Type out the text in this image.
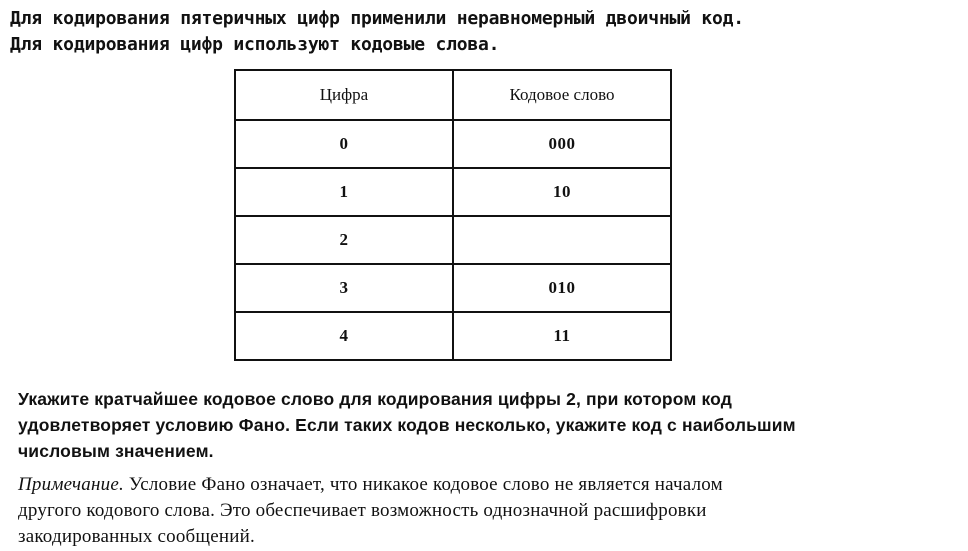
Для кодирования пятеричных цифр применили неравномерный двоичный код.
Для кодирования цифр используют кодовые слова.
Цифра	Кодовое слово
0	000
1	10
2	
3	010
4	11
Укажите кратчайшее кодовое слово для кодирования цифры 2, при котором код
удовлетворяет условию Фано. Если таких кодов несколько, укажите код с наибольшим
числовым значением.
Примечание. Условие Фано означает, что никакое кодовое слово не является началом
другого кодового слова. Это обеспечивает возможность однозначной расшифровки
закодированных сообщений.
